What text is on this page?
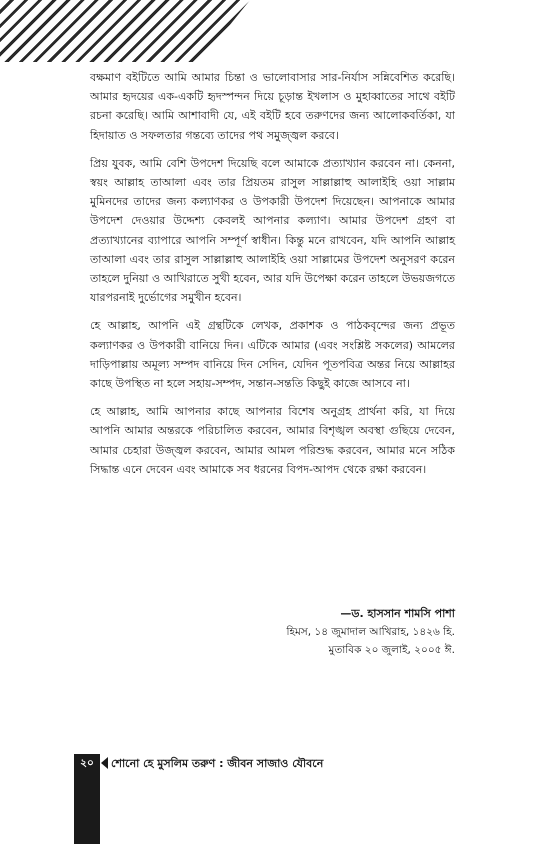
বক্ষমাণ বইটিতে আমি আমার চিন্তা ও ভালোবাসার সার-নির্যাস সন্নিবেশিত করেছি। আমার হৃদয়ের এক-একটি হৃদস্পন্দন দিয়ে চূড়ান্ত ইখলাস ও মুহাব্বাতের সাথে বইটি রচনা করেছি। আমি আশাবাদী যে, এই বইটি হবে তরুণদের জন্য আলোকবর্তিকা, যা হিদায়াত ও সফলতার গন্তব্যে তাদের পথ সমুজ্জ্বল করবে।

প্রিয় যুবক, আমি বেশি উপদেশ দিয়েছি বলে আমাকে প্রত্যাখ্যান করবেন না। কেননা, স্বয়ং আল্লাহ তাআলা এবং তার প্রিয়তম রাসুল সাল্লাল্লাহু আলাইহি ওয়া সাল্লাম মুমিনদের তাদের জন্য কল্যাণকর ও উপকারী উপদেশ দিয়েছেন। আপনাকে আমার উপদেশ দেওয়ার উদ্দেশ্য কেবলই আপনার কল্যাণ। আমার উপদেশ গ্রহণ বা প্রত্যাখ্যানের ব্যাপারে আপনি সম্পূর্ণ স্বাধীন। কিন্তু মনে রাখবেন, যদি আপনি আল্লাহ তাআলা এবং তার রাসুল সাল্লাল্লাহু আলাইহি ওয়া সাল্লামের উপদেশ অনুসরণ করেন তাহলে দুনিয়া ও আখিরাতে সুখী হবেন, আর যদি উপেক্ষা করেন তাহলে উভয়জগতে যারপরনাই দুর্ভোগের সমুখীন হবেন।

হে আল্লাহ, আপনি এই গ্রন্থটিকে লেখক, প্রকাশক ও পাঠকবৃন্দের জন্য প্রভূত কল্যাণকর ও উপকারী বানিয়ে দিন। এটিকে আমার (এবং সংশ্লিষ্ট সকলের) আমলের দাড়িপাল্লায় অমূল্য সম্পদ বানিয়ে দিন সেদিন, যেদিন পূতপবিত্র অন্তর নিয়ে আল্লাহর কাছে উপস্থিত না হলে সহায়-সম্পদ, সন্তান-সন্ততি কিছুই কাজে আসবে না।

হে আল্লাহ, আমি আপনার কাছে আপনার বিশেষ অনুগ্রহ প্রার্থনা করি, যা দিয়ে আপনি আমার অন্তরকে পরিচালিত করবেন, আমার বিশৃঙ্খল অবস্থা গুছিয়ে দেবেন, আমার চেহারা উজ্জ্বল করবেন, আমার আমল পরিশুদ্ধ করবেন, আমার মনে সঠিক সিদ্ধান্ত এনে দেবেন এবং আমাকে সব ধরনের বিপদ-আপদ থেকে রক্ষা করবেন।

—ড. হাসসান শামসি পাশা
হিমস, ১৪ জুমাদাল আখিরাহ, ১৪২৬ হি.
মুতাবিক ২০ জুলাই, ২০০৫ ঈ.
২০	শোনো হে মুসলিম তরুণ : জীবন সাজাও যৌবনে
